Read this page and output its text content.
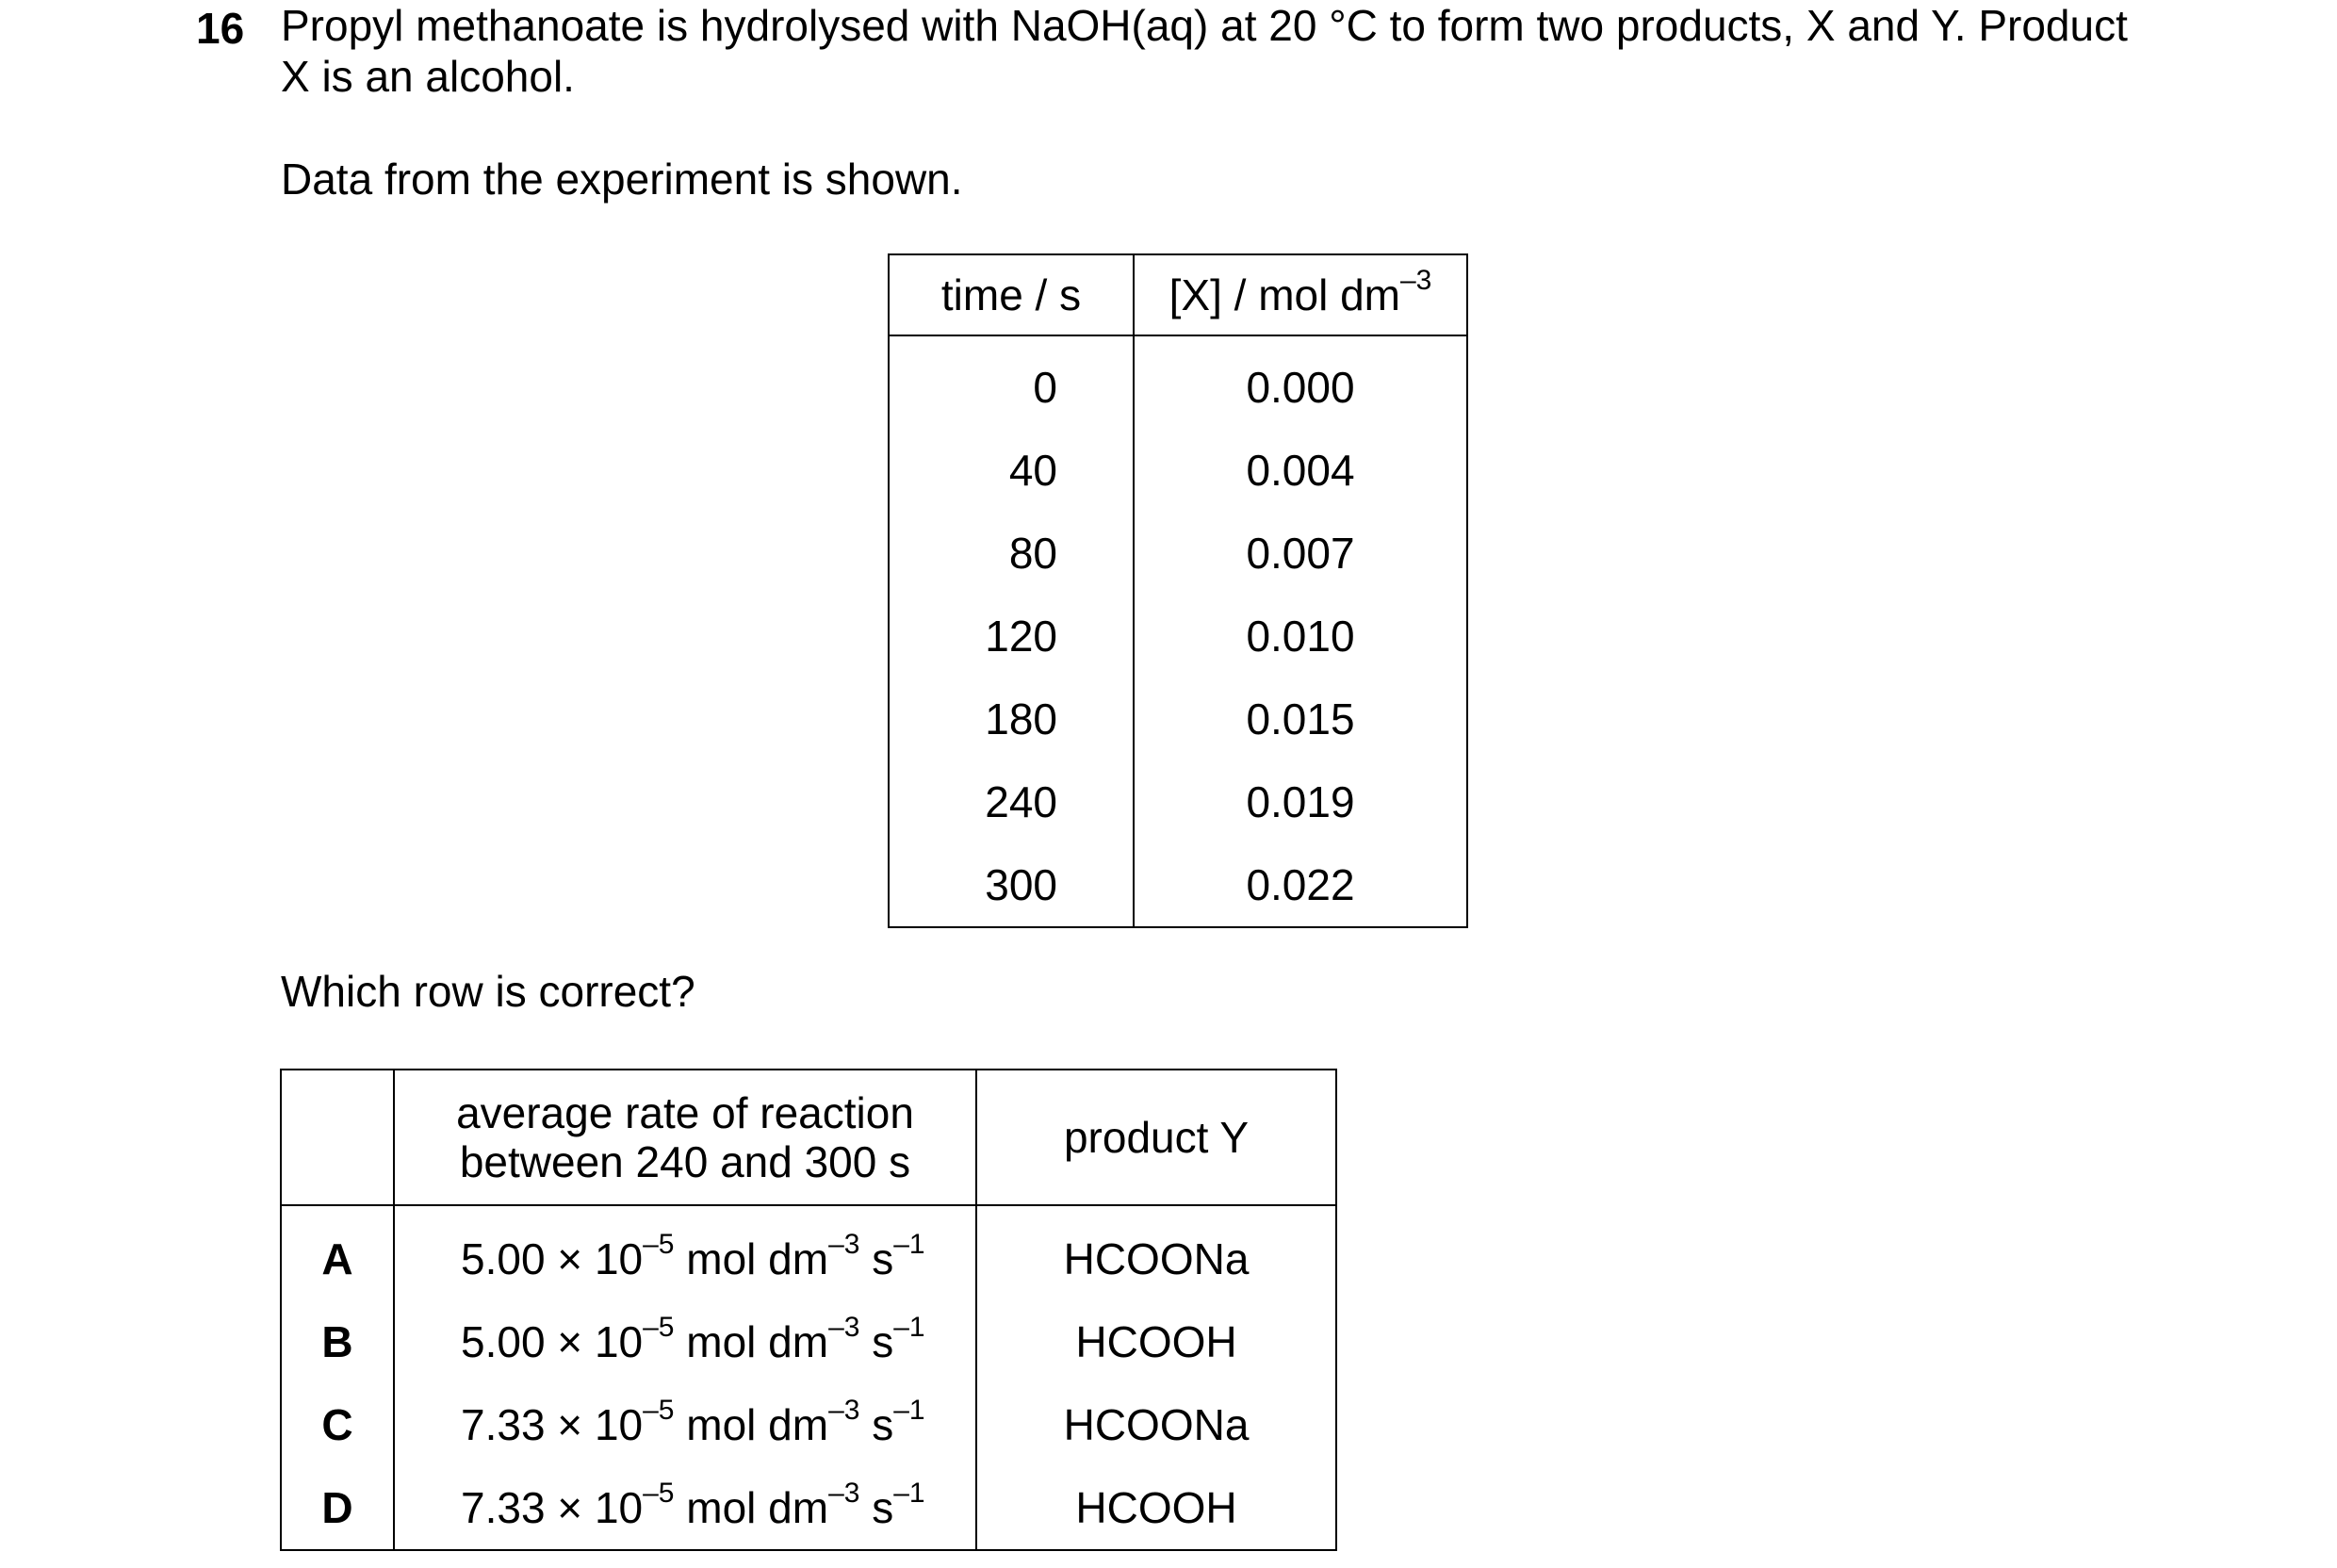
16 Propyl methanoate is hydrolysed with NaOH(aq) at 20 °C to form two products, X and Y. Product
X is an alcohol.
Data from the experiment is shown.
time / s	[X] / mol $dm^{-3}$
0	0.000
40	0.004
80	0.007
120	0.010
180	0.015
240	0.019
300	0.022
Which row is correct?

	average rate of reaction
between 240 and 300 s	product Y
A	$5.00 \times 10^{-5}$ mol $dm^{-3}$ $s^{-1}$	HCOONa
B	$5.00 \times 10^{-5}$ mol $dm^{-3}$ $s^{-1}$	HCOOH
C	$7.33 \times 10^{-5}$ mol $dm^{-3}$ $s^{-1}$	HCOONa
D	$7.33 \times 10^{-5}$ mol $dm^{-3}$ $s^{-1}$	HCOOH
